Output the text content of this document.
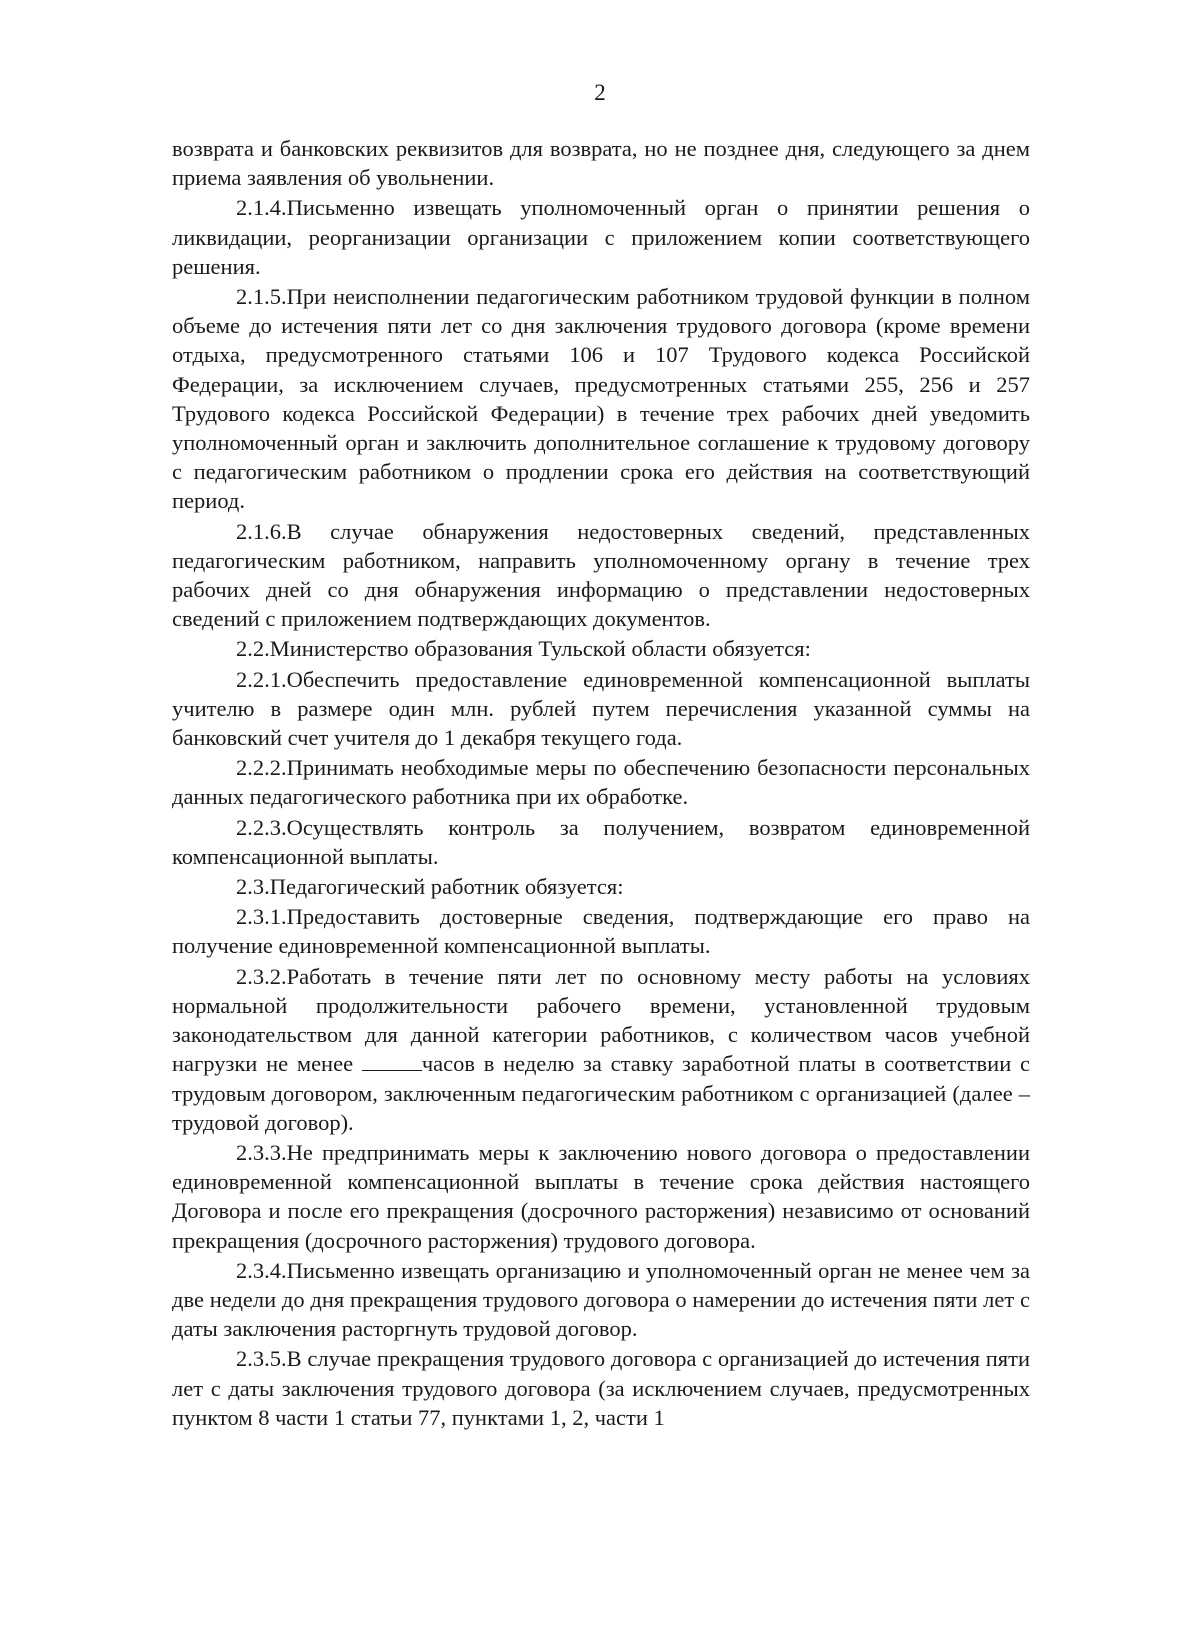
2

возврата и банковских реквизитов для возврата, но не позднее дня, следующего за днем приема заявления об увольнении.

2.1.4.Письменно извещать уполномоченный орган о принятии решения о ликвидации, реорганизации организации с приложением копии соответствующего решения.

2.1.5.При неисполнении педагогическим работником трудовой функции в полном объеме до истечения пяти лет со дня заключения трудового договора (кроме времени отдыха, предусмотренного статьями 106 и 107 Трудового кодекса Российской Федерации, за исключением случаев, предусмотренных статьями 255, 256 и 257 Трудового кодекса Российской Федерации) в течение трех рабочих дней уведомить уполномоченный орган и заключить дополнительное соглашение к трудовому договору с педагогическим работником о продлении срока его действия на соответствующий период.

2.1.6.В случае обнаружения недостоверных сведений, представленных педагогическим работником, направить уполномоченному органу в течение трех рабочих дней со дня обнаружения информацию о представлении недостоверных сведений с приложением подтверждающих документов.

2.2.Министерство образования Тульской области обязуется:

2.2.1.Обеспечить предоставление единовременной компенсационной выплаты учителю в размере один млн. рублей путем перечисления указанной суммы на банковский счет учителя до 1 декабря текущего года.

2.2.2.Принимать необходимые меры по обеспечению безопасности персональных данных педагогического работника при их обработке.

2.2.3.Осуществлять контроль за получением, возвратом единовременной компенсационной выплаты.

2.3.Педагогический работник обязуется:

2.3.1.Предоставить достоверные сведения, подтверждающие его право на получение единовременной компенсационной выплаты.

2.3.2.Работать в течение пяти лет по основному месту работы на условиях нормальной продолжительности рабочего времени, установленной трудовым законодательством для данной категории работников, с количеством часов учебной нагрузки не менее	часов в неделю за ставку заработной платы в соответствии с трудовым договором, заключенным педагогическим работником с организацией (далее – трудовой договор).

2.3.3.Не предпринимать меры к заключению нового договора о предоставлении единовременной компенсационной выплаты в течение срока действия настоящего Договора и после его прекращения (досрочного расторжения) независимо от оснований прекращения (досрочного расторжения) трудового договора.

2.3.4.Письменно извещать организацию и уполномоченный орган не менее чем за две недели до дня прекращения трудового договора о намерении до истечения пяти лет с даты заключения расторгнуть трудовой договор.

2.3.5.В случае прекращения трудового договора с организацией до истечения пяти лет с даты заключения трудового договора (за исключением случаев, предусмотренных пунктом 8 части 1 статьи 77, пунктами 1, 2, части 1
